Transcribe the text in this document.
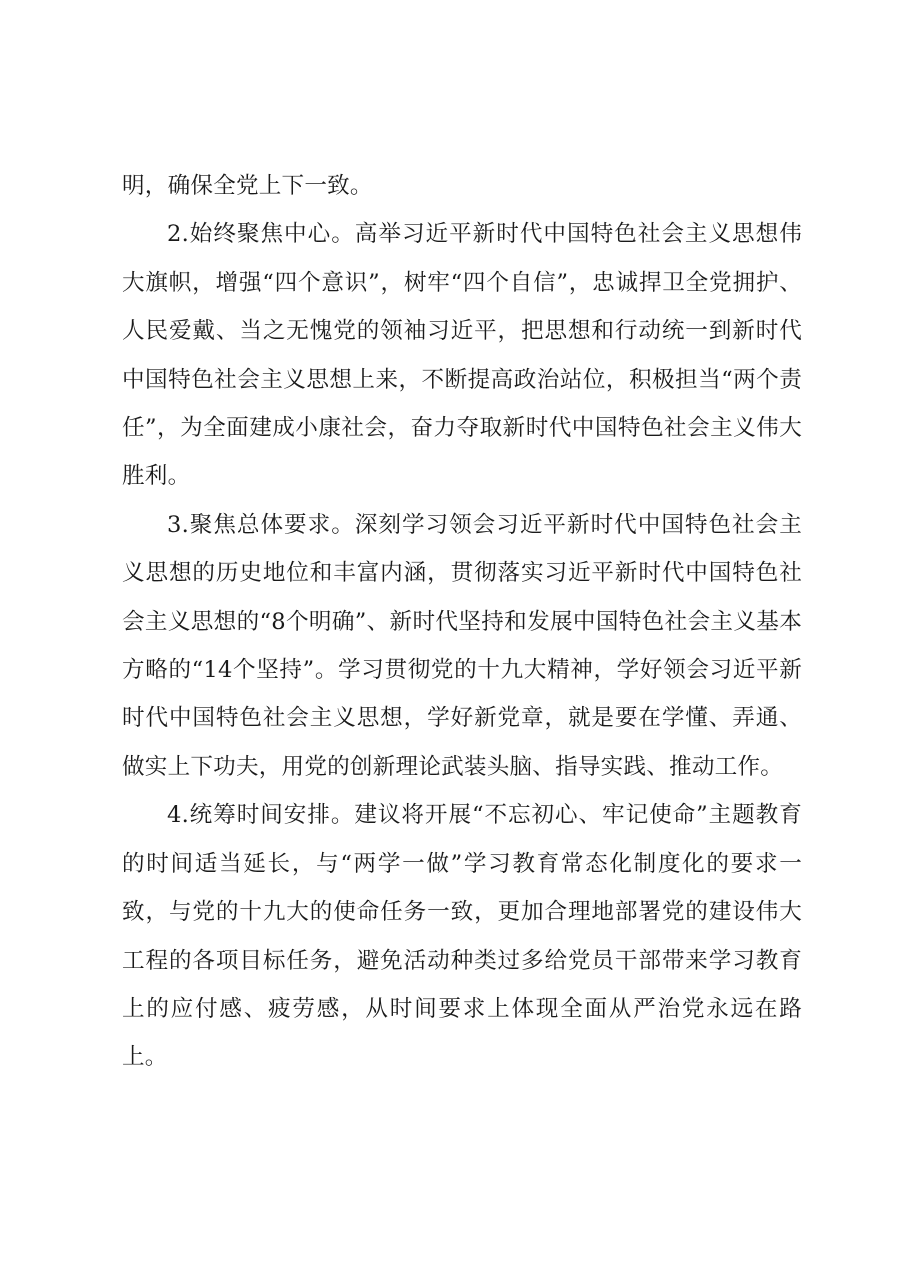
明，确保全党上下一致。

2.始终聚焦中心。高举习近平新时代中国特色社会主义思想伟大旗帜，增强“四个意识”，树牢“四个自信”，忠诚捍卫全党拥护、人民爱戴、当之无愧党的领袖习近平，把思想和行动统一到新时代中国特色社会主义思想上来，不断提高政治站位，积极担当“两个责任”，为全面建成小康社会，奋力夺取新时代中国特色社会主义伟大胜利。

3.聚焦总体要求。深刻学习领会习近平新时代中国特色社会主义思想的历史地位和丰富内涵，贯彻落实习近平新时代中国特色社会主义思想的“8个明确”、新时代坚持和发展中国特色社会主义基本方略的“14个坚持”。学习贯彻党的十九大精神，学好领会习近平新时代中国特色社会主义思想，学好新党章，就是要在学懂、弄通、做实上下功夫，用党的创新理论武装头脑、指导实践、推动工作。

4.统筹时间安排。建议将开展“不忘初心、牢记使命”主题教育的时间适当延长，与“两学一做”学习教育常态化制度化的要求一致，与党的十九大的使命任务一致，更加合理地部署党的建设伟大工程的各项目标任务，避免活动种类过多给党员干部带来学习教育上的应付感、疲劳感，从时间要求上体现全面从严治党永远在路上。
